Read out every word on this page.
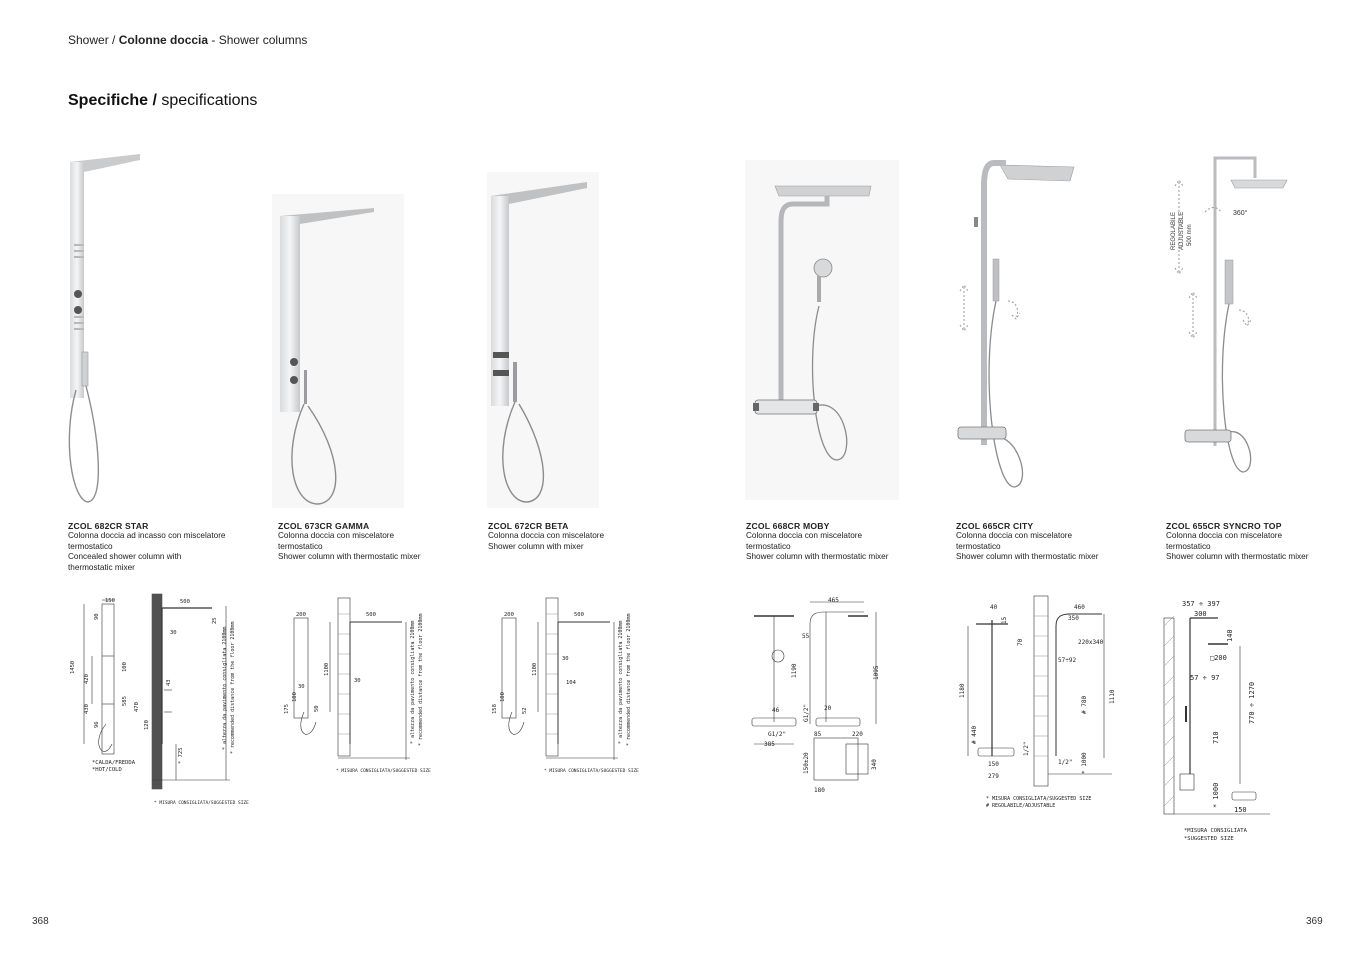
Shower / Colonne doccia - Shower columns
Specifiche / specifications
360°
REGOLABILE ADJUSTABLE 500 mm
ZCOL 682CR STAR
Colonna doccia ad incasso con miscelatore
termostatico
Concealed shower column with
thermostatic mixer
ZCOL 673CR GAMMA
Colonna doccia con miscelatore
termostatico
Shower column with thermostatic mixer
ZCOL 672CR BETA
Colonna doccia con miscelatore
Shower column with mixer
ZCOL 668CR MOBY
Colonna doccia con miscelatore
termostatico
Shower column with thermostatic mixer
ZCOL 665CR CITY
Colonna doccia con miscelatore
termostatico
Shower column with thermostatic mixer
ZCOL 655CR SYNCRO TOP
Colonna doccia con miscelatore
termostatico
Shower column with thermostatic mixer
150	500
90
25
30
1450
420
100
470
430
585
96	120
43
* 725
* altezza da pavimento consigliata 2100mm * recommended distance from the floor 2100mm
*CALDA/FREDDA
*HOT/COLD
* MISURA CONSIGLIATA/SUGGESTED SIZE
200	500
1100
30
30
175
100
50	* altezza da pavimento consigliata 2100mm * recommended distance from the floor 2100mm
* MISURA CONSIGLIATA/SUGGESTED SIZE
200	500
1100
30
104
158
100
52	* altezza da pavimento consigliata 2100mm * recommended distance from the floor 2100mm
* MISURA CONSIGLIATA/SUGGESTED SIZE
465
55
1190	1095
46	G1/2"
G1/2"
20
385
85	220
150±20	340
180
40	460
15	350
70	220x340
57÷92
1180
# 780	1110
# 440
150
279
1/2"
1/2" * 1000
* MISURA CONSIGLIATA/SUGGESTED SIZE
# REGOLABILE/ADJUSTABLE
357 ÷ 397
300
140
□200
57 ÷ 97
770 ÷ 1270
710
* 1000
150
*MISURA CONSIGLIATA
*SUGGESTED SIZE
368	369
